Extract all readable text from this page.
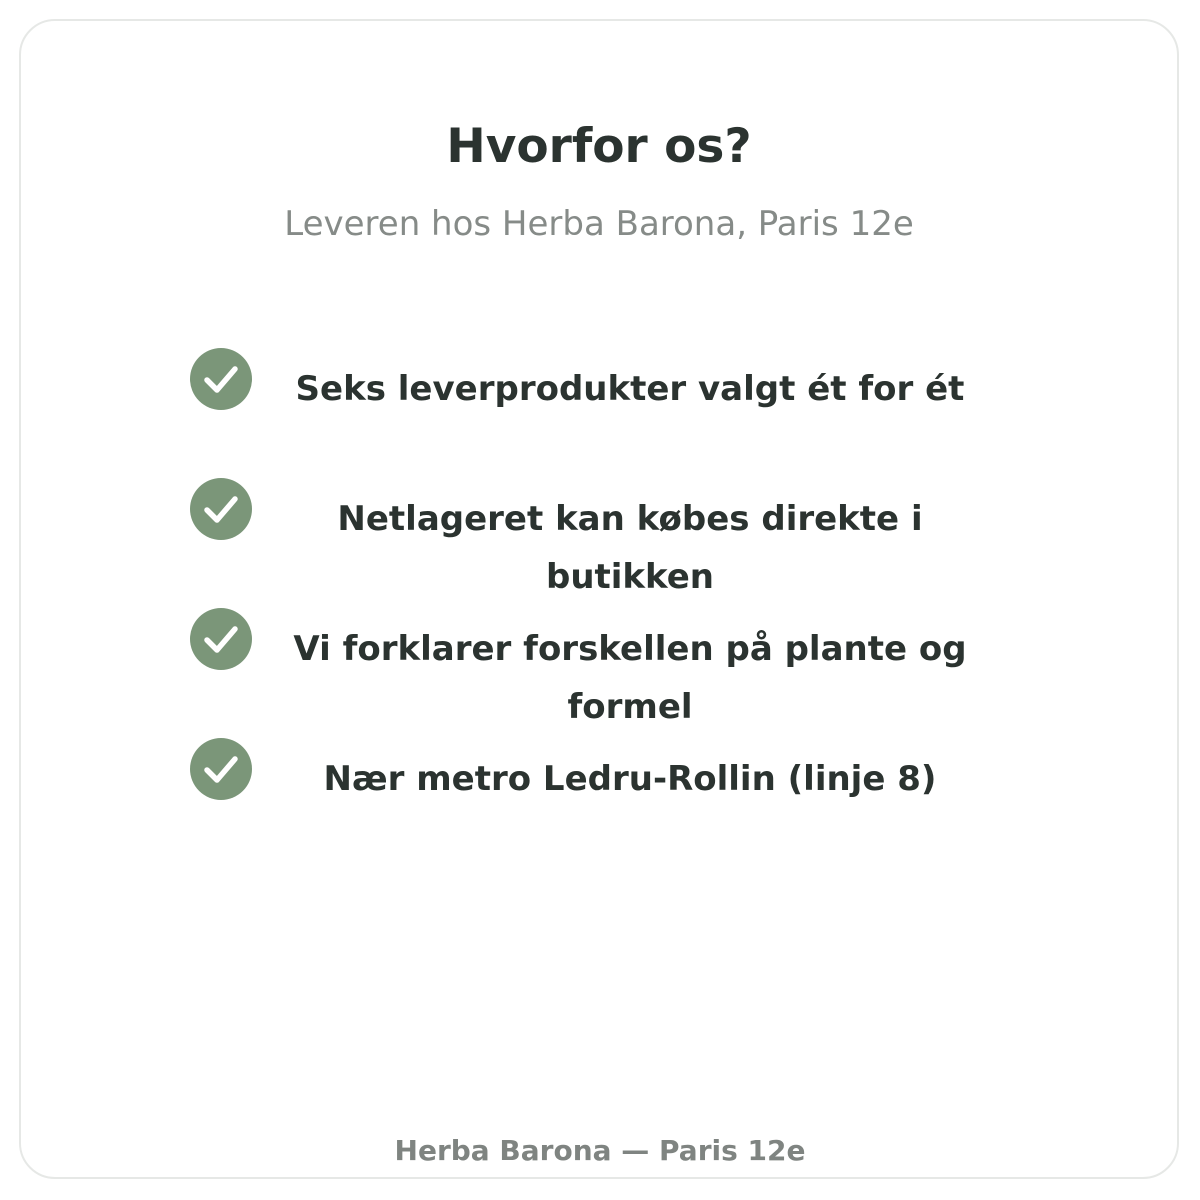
Hvorfor os?
Leveren hos Herba Barona, Paris 12e
Seks leverprodukter valgt ét for ét
Netlageret kan købes direkte i butikken
Vi forklarer forskellen på plante og formel
Nær metro Ledru-Rollin (linje 8)
Herba Barona — Paris 12e
